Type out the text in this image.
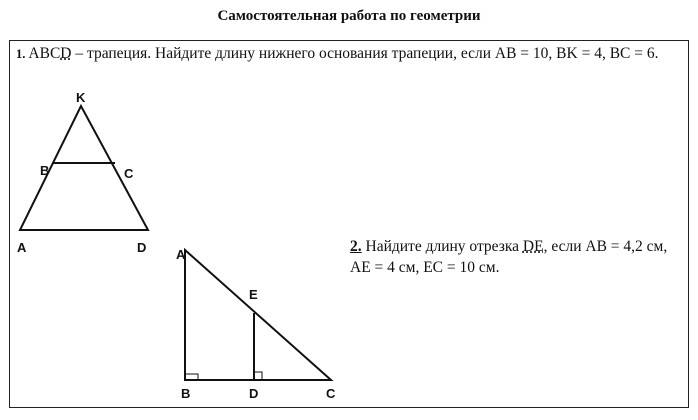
Самостоятельная работа по геометрии
1. ABCD – трапеция. Найдите длину нижнего основания трапеции, если AB = 10, BK = 4, BC = 6.
2. Найдите длину отрезка DE, если AB = 4,2 см, AE = 4 см, EC = 10 см.
K
B	C
A	D A
E
B	D	C
